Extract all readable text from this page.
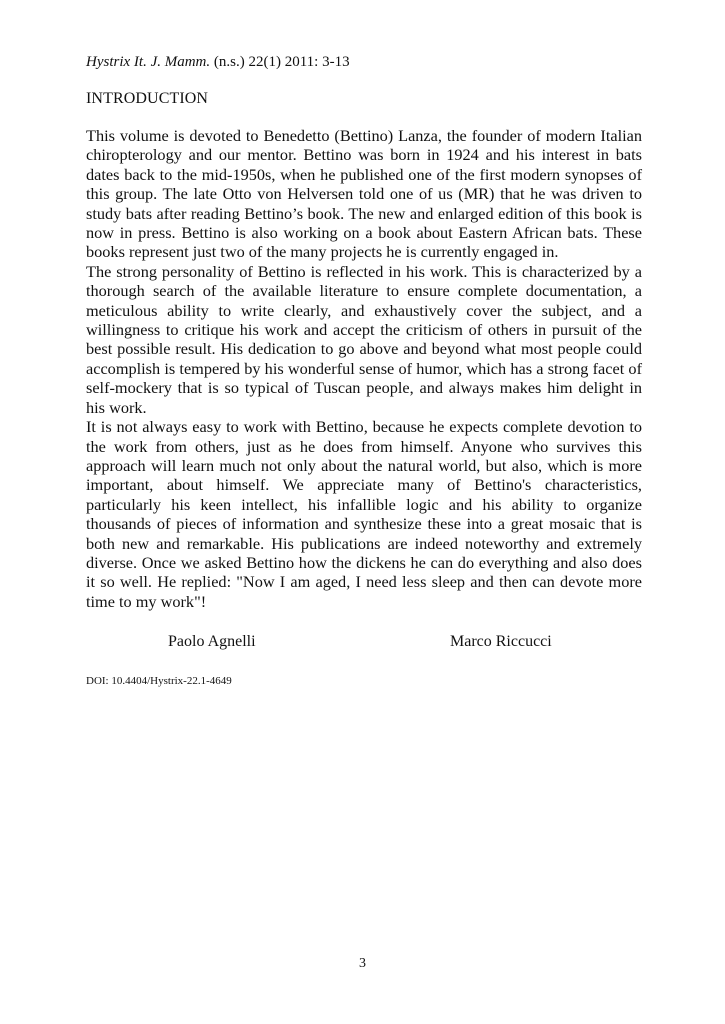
Hystrix It. J. Mamm. (n.s.) 22(1) 2011: 3-13
INTRODUCTION

This volume is devoted to Benedetto (Bettino) Lanza, the founder of modern Italian chiropterology and our mentor. Bettino was born in 1924 and his interest in bats dates back to the mid-1950s, when he published one of the first modern synopses of this group. The late Otto von Helversen told one of us (MR) that he was driven to study bats after reading Bettino’s book. The new and enlarged edition of this book is now in press. Bettino is also working on a book about Eastern African bats. These books represent just two of the many projects he is currently engaged in.

The strong personality of Bettino is reflected in his work. This is characterized by a thorough search of the available literature to ensure complete documentation, a meticulous ability to write clearly, and exhaustively cover the subject, and a willingness to critique his work and accept the criticism of others in pursuit of the best possible result. His dedication to go above and beyond what most people could accomplish is tempered by his wonderful sense of humor, which has a strong facet of self-mockery that is so typical of Tuscan people, and always makes him delight in his work.

It is not always easy to work with Bettino, because he expects complete devotion to the work from others, just as he does from himself. Anyone who survives this approach will learn much not only about the natural world, but also, which is more important, about himself. We appreciate many of Bettino's characteristics, particularly his keen intellect, his infallible logic and his ability to organize thousands of pieces of information and synthesize these into a great mosaic that is both new and remarkable. His publications are indeed noteworthy and extremely diverse. Once we asked Bettino how the dickens he can do everything and also does it so well. He replied: "Now I am aged, I need less sleep and then can devote more time to my work"!

Paolo Agnelli	Marco Riccucci
DOI: 10.4404/Hystrix-22.1-4649
3
